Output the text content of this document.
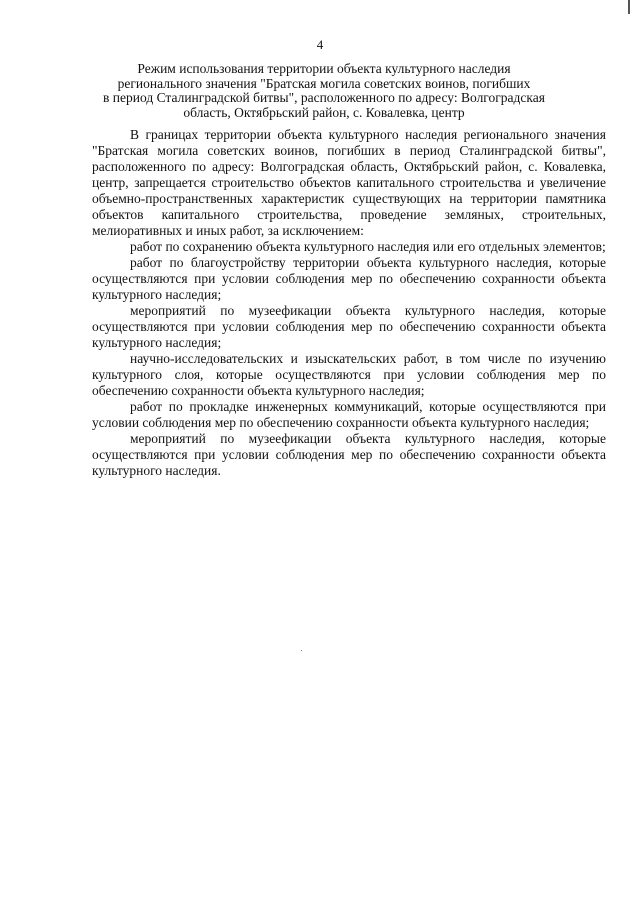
4
Режим использования территории объекта культурного наследия
регионального значения "Братская могила советских воинов, погибших
в период Сталинградской битвы", расположенного по адресу: Волгоградская
область, Октябрьский район, с. Ковалевка, центр

В границах территории объекта культурного наследия регионального значения "Братская могила советских воинов, погибших в период Сталинградской битвы", расположенного по адресу: Волгоградская область, Октябрьский район, с. Ковалевка, центр, запрещается строительство объектов капитального строительства и увеличение объемно-пространственных характеристик существующих на территории памятника объектов капитального строительства, проведение земляных, строительных, мелиоративных и иных работ, за исключением:

работ по сохранению объекта культурного наследия или его отдельных элементов;

работ по благоустройству территории объекта культурного наследия, которые осуществляются при условии соблюдения мер по обеспечению сохранности объекта культурного наследия;

мероприятий по музеефикации объекта культурного наследия, которые осуществляются при условии соблюдения мер по обеспечению сохранности объекта культурного наследия;

научно-исследовательских и изыскательских работ, в том числе по изучению культурного слоя, которые осуществляются при условии соблюдения мер по обеспечению сохранности объекта культурного наследия;

работ по прокладке инженерных коммуникаций, которые осуществляются при условии соблюдения мер по обеспечению сохранности объекта культурного наследия;

мероприятий по музеефикации объекта культурного наследия, которые осуществляются при условии соблюдения мер по обеспечению сохранности объекта культурного наследия.
